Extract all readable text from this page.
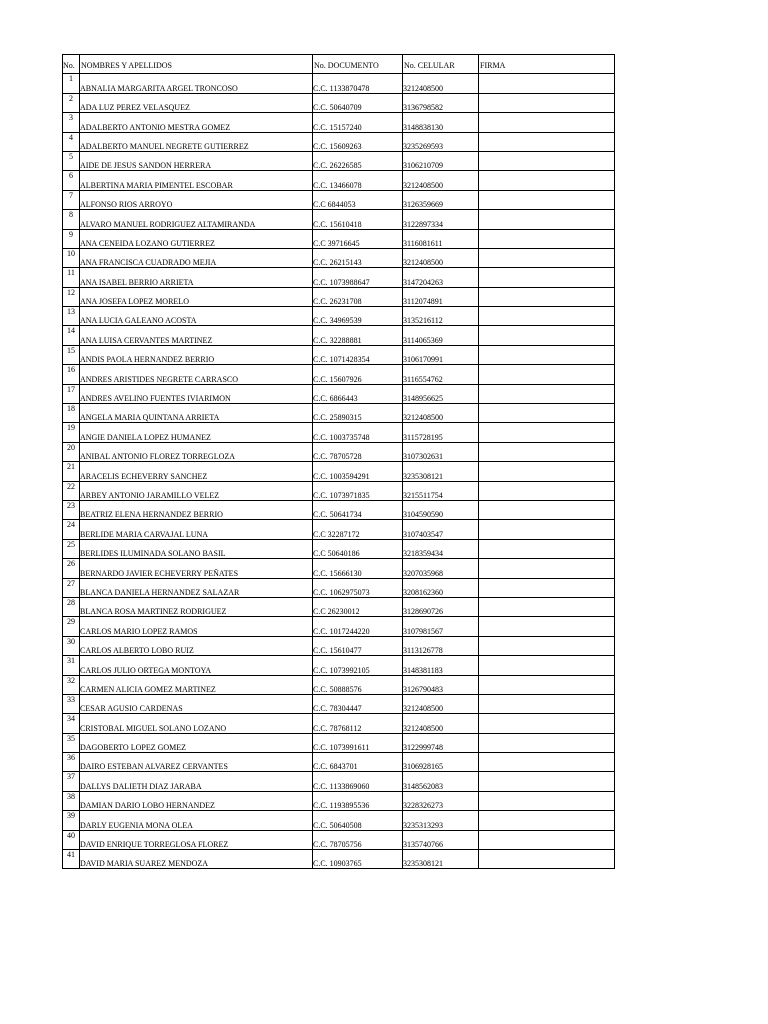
No.	NOMBRES Y APELLIDOS	No. DOCUMENTO	No. CELULAR	FIRMA
1	ABNALIA MARGARITA ARGEL TRONCOSO	C.C. 1133870478	3212408500	
2	ADA LUZ PEREZ VELASQUEZ	C.C. 50640709	3136798582	
3	ADALBERTO ANTONIO MESTRA GOMEZ	C.C. 15157240	3148838130	
4	ADALBERTO MANUEL NEGRETE GUTIERREZ	C.C. 15609263	3235269593	
5	AIDE DE JESUS SANDON HERRERA	C.C. 26226585	3106210709	
6	ALBERTINA MARIA PIMENTEL ESCOBAR	C.C. 13466078	3212408500	
7	ALFONSO RIOS ARROYO	C.C 6844053	3126359669	
8	ALVARO MANUEL RODRIGUEZ ALTAMIRANDA	C.C. 15610418	3122897334	
9	ANA CENEIDA LOZANO GUTIERREZ	C.C 39716645	3116081611	
10	ANA FRANCISCA CUADRADO MEJIA	C.C. 26215143	3212408500	
11	ANA ISABEL BERRIO ARRIETA	C.C. 1073988647	3147204263	
12	ANA JOSEFA LOPEZ MORELO	C.C. 26231708	3112074891	
13	ANA LUCIA GALEANO ACOSTA	C.C. 34969539	3135216112	
14	ANA LUISA CERVANTES MARTINEZ	C.C. 32288881	3114065369	
15	ANDIS PAOLA HERNANDEZ BERRIO	C.C. 1071428354	3106170991	
16	ANDRES ARISTIDES NEGRETE CARRASCO	C.C. 15607926	3116554762	
17	ANDRES AVELINO FUENTES IVIARIMON	C.C. 6866443	3148956625	
18	ANGELA MARIA QUINTANA ARRIETA	C.C. 25890315	3212408500	
19	ANGIE DANIELA LOPEZ HUMANEZ	C.C. 1003735748	3115728195	
20	ANIBAL ANTONIO FLOREZ TORREGLOZA	C.C. 78705728	3107302631	
21	ARACELIS ECHEVERRY SANCHEZ	C.C. 1003594291	3235308121	
22	ARBEY ANTONIO JARAMILLO VELEZ	C.C. 1073971835	3215511754	
23	BEATRIZ ELENA HERNANDEZ BERRIO	C.C. 50641734	3104590590	
24	BERLIDE MARIA CARVAJAL LUNA	C.C 32287172	3107403547	
25	BERLIDES ILUMINADA SOLANO BASIL	C.C 50640186	3218359434	
26	BERNARDO JAVIER ECHEVERRY PEÑATES	C.C. 15666130	3207035968	
27	BLANCA DANIELA HERNANDEZ SALAZAR	C.C. 1062975073	3208162360	
28	BLANCA ROSA MARTINEZ RODRIGUEZ	C.C 26230012	3128690726	
29	CARLOS MARIO LOPEZ RAMOS	C.C. 1017244220	3107981567	
30	CARLOS ALBERTO LOBO RUIZ	C.C. 15610477	3113126778	
31	CARLOS JULIO ORTEGA MONTOYA	C.C. 1073992105	3148381183	
32	CARMEN ALICIA GOMEZ MARTINEZ	C.C. 50888576	3126790483	
33	CESAR AGUSIO CARDENAS	C.C. 78304447	3212408500	
34	CRISTOBAL MIGUEL SOLANO LOZANO	C.C. 78768112	3212408500	
35	DAGOBERTO LOPEZ GOMEZ	C.C. 1073991611	3122999748	
36	DAIRO ESTEBAN ALVAREZ CERVANTES	C.C. 6843701	3106928165	
37	DALLYS DALIETH DIAZ JARABA	C.C. 1133869060	3148562083	
38	DAMIAN DARIO LOBO HERNANDEZ	C.C. 1193895536	3228326273	
39	DARLY EUGENIA MONA OLEA	C.C. 50640508	3235313293	
40	DAVID ENRIQUE TORREGLOSA FLOREZ	C.C. 78705756	3135740766	
41	DAVID MARIA SUAREZ MENDOZA	C.C. 10903765	3235308121	
